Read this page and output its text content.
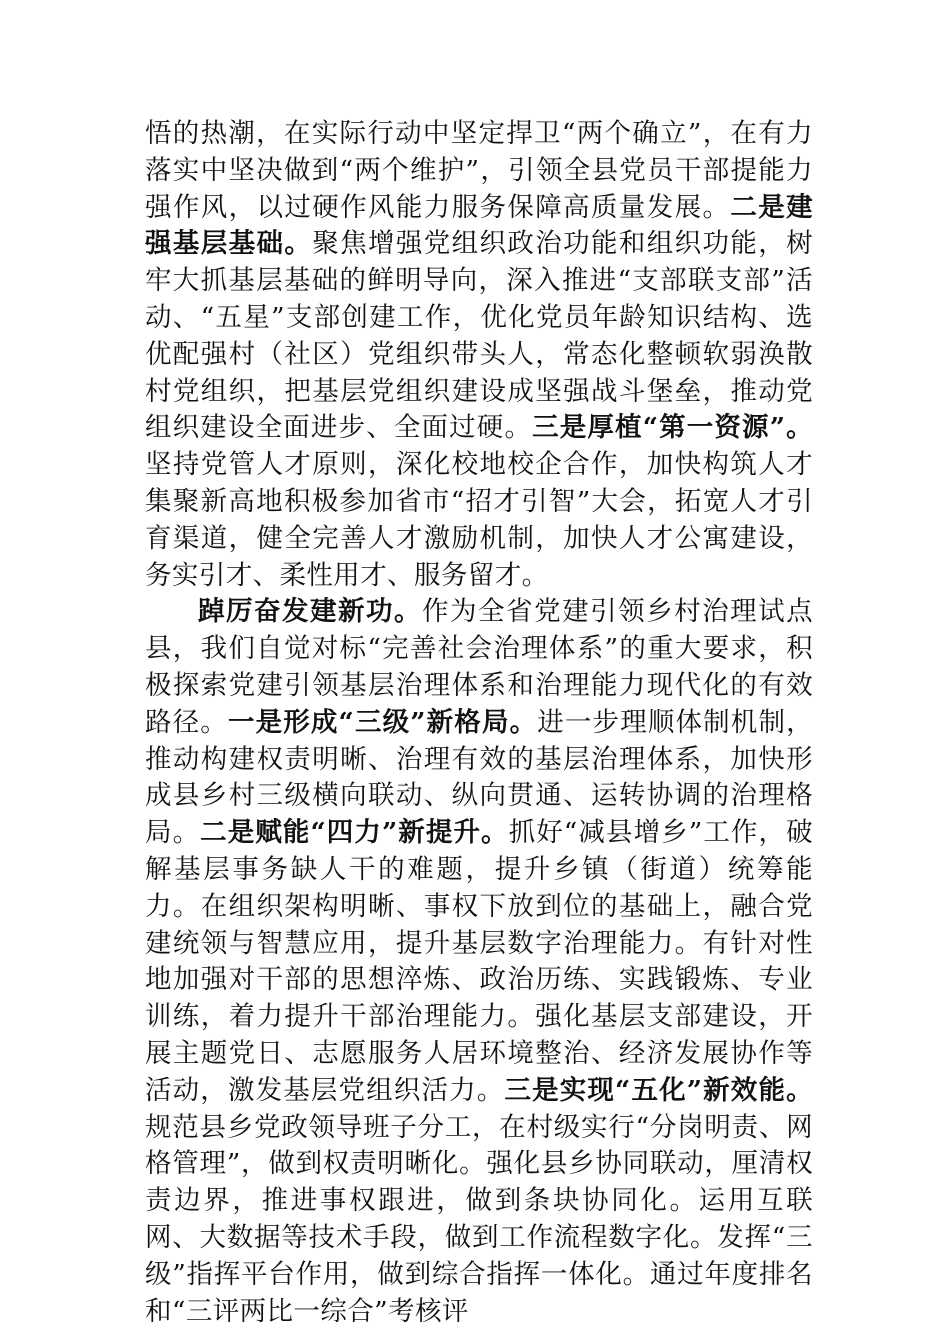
悟的热潮，在实际行动中坚定捍卫“两个确立”，在有力落实中坚决做到“两个维护”，引领全县党员干部提能力强作风，以过硬作风能力服务保障高质量发展。二是建强基层基础。聚焦增强党组织政治功能和组织功能，树牢大抓基层基础的鲜明导向，深入推进“支部联支部”活动、“五星”支部创建工作，优化党员年龄知识结构、选优配强村（社区）党组织带头人，常态化整顿软弱涣散村党组织，把基层党组织建设成坚强战斗堡垒，推动党组织建设全面进步、全面过硬。三是厚植“第一资源”。坚持党管人才原则，深化校地校企合作，加快构筑人才集聚新高地积极参加省市“招才引智”大会，拓宽人才引育渠道，健全完善人才激励机制，加快人才公寓建设，务实引才、柔性用才、服务留才。

踔厉奋发建新功。作为全省党建引领乡村治理试点县，我们自觉对标“完善社会治理体系”的重大要求，积极探索党建引领基层治理体系和治理能力现代化的有效路径。一是形成“三级”新格局。进一步理顺体制机制，推动构建权责明晰、治理有效的基层治理体系，加快形成县乡村三级横向联动、纵向贯通、运转协调的治理格局。二是赋能“四力”新提升。抓好“减县增乡”工作，破解基层事务缺人干的难题，提升乡镇（街道）统筹能力。在组织架构明晰、事权下放到位的基础上，融合党建统领与智慧应用，提升基层数字治理能力。有针对性地加强对干部的思想淬炼、政治历练、实践锻炼、专业训练，着力提升干部治理能力。强化基层支部建设，开展主题党日、志愿服务人居环境整治、经济发展协作等活动，激发基层党组织活力。三是实现“五化”新效能。规范县乡党政领导班子分工，在村级实行“分岗明责、网格管理”，做到权责明晰化。强化县乡协同联动，厘清权责边界，推进事权跟进，做到条块协同化。运用互联网、大数据等技术手段，做到工作流程数字化。发挥“三级”指挥平台作用，做到综合指挥一体化。通过年度排名和“三评两比一综合”考核评
